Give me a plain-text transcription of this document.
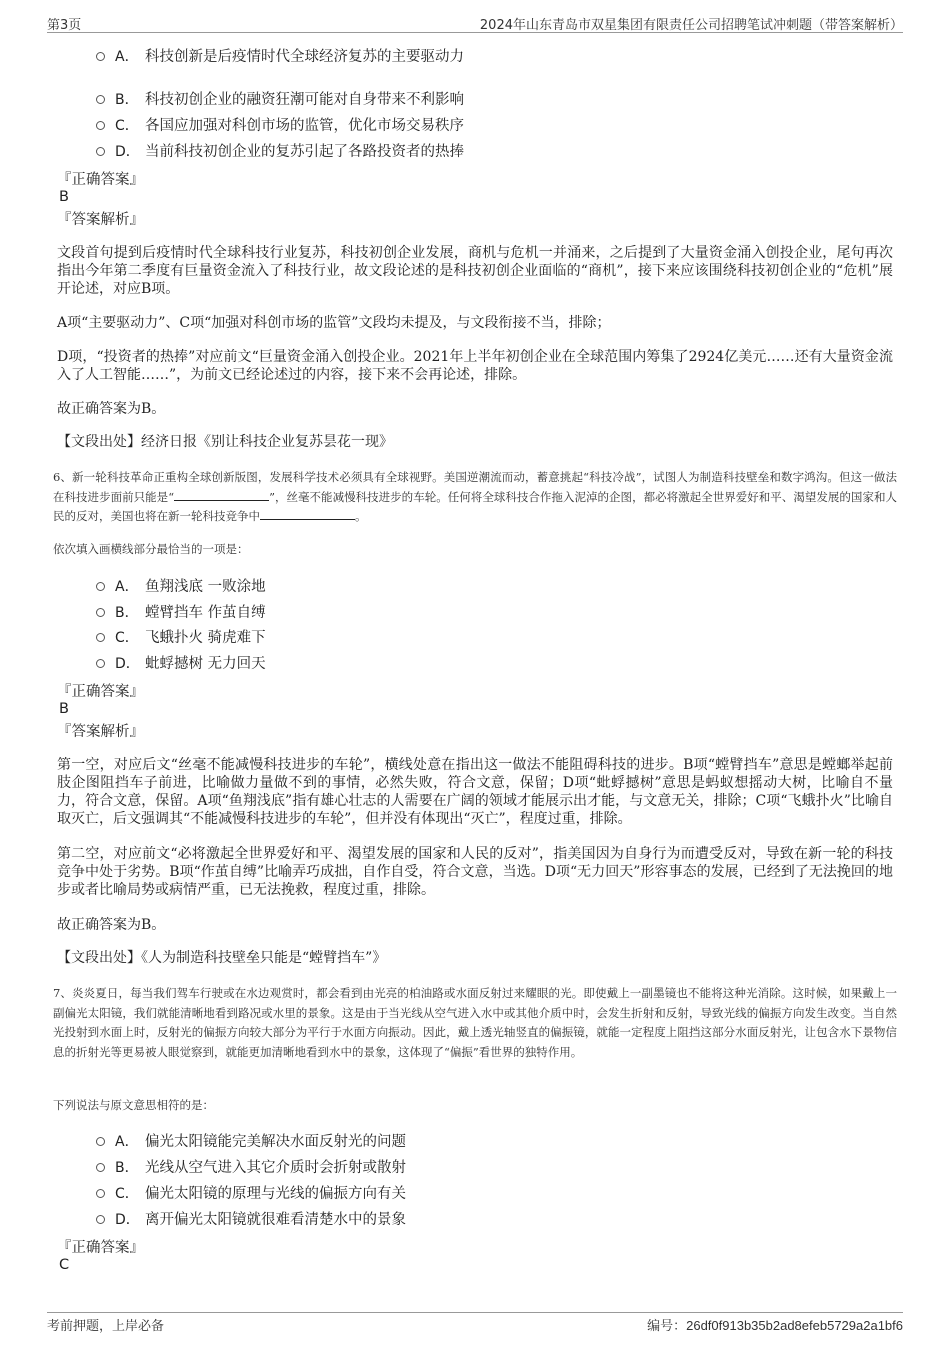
第3页	2024年山东青岛市双星集团有限责任公司招聘笔试冲刺题（带答案解析）
A． 科技创新是后疫情时代全球经济复苏的主要驱动力
B． 科技初创企业的融资狂潮可能对自身带来不利影响
C． 各国应加强对科创市场的监管，优化市场交易秩序
D． 当前科技初创企业的复苏引起了各路投资者的热捧
『正确答案』
B
『答案解析』
文段首句提到后疫情时代全球科技行业复苏，科技初创企业发展，商机与危机一并涌来，之后提到了大量资金涌入创投企业，尾句再次指出今年第二季度有巨量资金流入了科技行业，故文段论述的是科技初创企业面临的“商机”，接下来应该围绕科技初创企业的“危机”展开论述，对应B项。
A项“主要驱动力”、C项“加强对科创市场的监管”文段均未提及，与文段衔接不当，排除；
D项，“投资者的热捧”对应前文“巨量资金涌入创投企业。2021年上半年初创企业在全球范围内筹集了2924亿美元……还有大量资金流入了人工智能……”，为前文已经论述过的内容，接下来不会再论述，排除。
故正确答案为B。
【文段出处】经济日报《别让科技企业复苏昙花一现》
6、新一轮科技革命正重构全球创新版图，发展科学技术必须具有全球视野。美国逆潮流而动，蓄意挑起“科技冷战”，试图人为制造科技壁垒和数字鸿沟。但这一做法在科技进步面前只能是“	”，丝毫不能减慢科技进步的车轮。任何将全球科技合作拖入泥淖的企图，都必将激起全世界爱好和平、渴望发展的国家和人民的反对，美国也将在新一轮科技竞争中	。
依次填入画横线部分最恰当的一项是：
A． 鱼翔浅底 一败涂地
B． 螳臂挡车 作茧自缚
C． 飞蛾扑火 骑虎难下
D． 蚍蜉撼树 无力回天
『正确答案』
B
『答案解析』
第一空，对应后文“丝毫不能减慢科技进步的车轮”，横线处意在指出这一做法不能阻碍科技的进步。B项“螳臂挡车”意思是螳螂举起前肢企图阻挡车子前进，比喻做力量做不到的事情，必然失败，符合文意，保留；D项“蚍蜉撼树”意思是蚂蚁想摇动大树，比喻自不量力，符合文意，保留。A项“鱼翔浅底”指有雄心壮志的人需要在广阔的领域才能展示出才能，与文意无关，排除；C项“飞蛾扑火”比喻自取灭亡，后文强调其“不能减慢科技进步的车轮”，但并没有体现出“灭亡”，程度过重，排除。
第二空，对应前文“必将激起全世界爱好和平、渴望发展的国家和人民的反对”，指美国因为自身行为而遭受反对，导致在新一轮的科技竞争中处于劣势。B项“作茧自缚”比喻弄巧成拙，自作自受，符合文意，当选。D项“无力回天”形容事态的发展，已经到了无法挽回的地步或者比喻局势或病情严重，已无法挽救，程度过重，排除。
故正确答案为B。
【文段出处】《人为制造科技壁垒只能是“螳臂挡车”》
7、炎炎夏日，每当我们驾车行驶或在水边观赏时，都会看到由光亮的柏油路或水面反射过来耀眼的光。即使戴上一副墨镜也不能将这种光消除。这时候，如果戴上一副偏光太阳镜，我们就能清晰地看到路况或水里的景象。这是由于当光线从空气进入水中或其他介质中时，会发生折射和反射，导致光线的偏振方向发生改变。当自然光投射到水面上时，反射光的偏振方向较大部分为平行于水面方向振动。因此，戴上透光轴竖直的偏振镜，就能一定程度上阻挡这部分水面反射光，让包含水下景物信息的折射光等更易被人眼觉察到，就能更加清晰地看到水中的景象，这体现了“偏振”看世界的独特作用。
下列说法与原文意思相符的是：
A． 偏光太阳镜能完美解决水面反射光的问题
B． 光线从空气进入其它介质时会折射或散射
C． 偏光太阳镜的原理与光线的偏振方向有关
D． 离开偏光太阳镜就很难看清楚水中的景象
『正确答案』
C
考前押题，上岸必备	编号：26df0f913b35b2ad8efeb5729a2a1bf6
